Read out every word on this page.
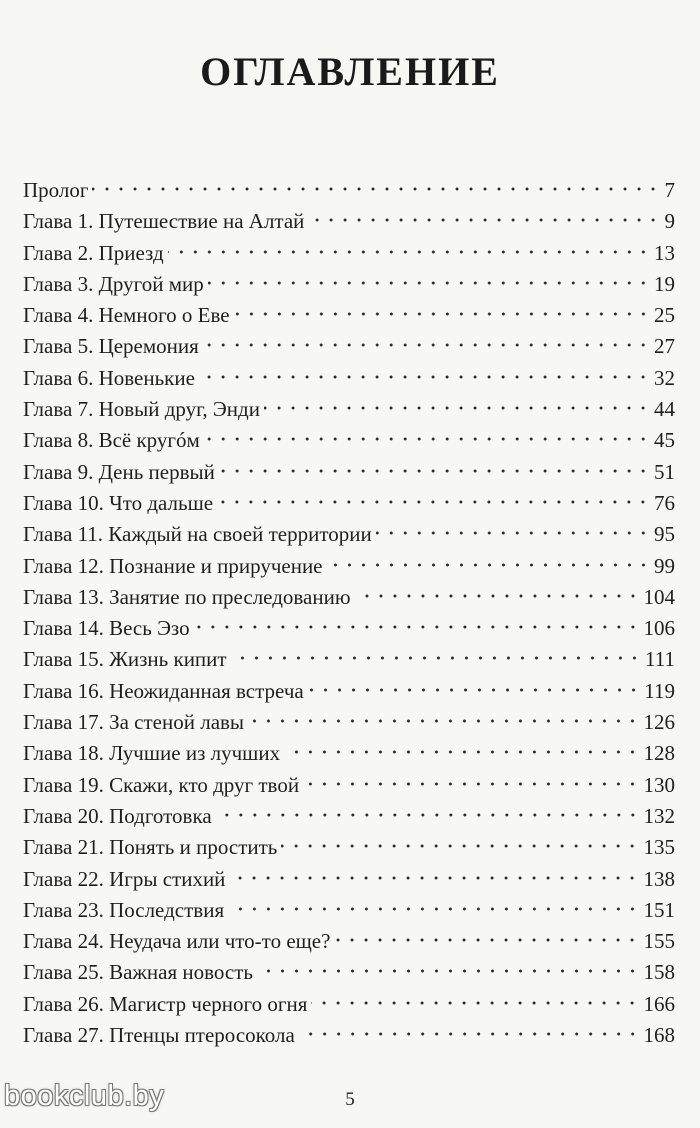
ОГЛАВЛЕНИЕ
Пролог	7
Глава 1. Путешествие на Алтай	9
Глава 2. Приезд	13
Глава 3. Другой мир	19
Глава 4. Немного о Еве	25
Глава 5. Церемония	27
Глава 6. Новенькие	32
Глава 7. Новый друг, Энди	44
Глава 8. Всё кругóм	45
Глава 9. День первый	51
Глава 10. Что дальше	76
Глава 11. Каждый на своей территории	95
Глава 12. Познание и приручение	99
Глава 13. Занятие по преследованию	104
Глава 14. Весь Эзо	106
Глава 15. Жизнь кипит	111
Глава 16. Неожиданная встреча	119
Глава 17. За стеной лавы	126
Глава 18. Лучшие из лучших	128
Глава 19. Скажи, кто друг твой	130
Глава 20. Подготовка	132
Глава 21. Понять и простить	135
Глава 22. Игры стихий	138
Глава 23. Последствия	151
Глава 24. Неудача или что-то еще?	155
Глава 25. Важная новость	158
Глава 26. Магистр черного огня	166
Глава 27. Птенцы птеросокола	168
bookclub.by	5
